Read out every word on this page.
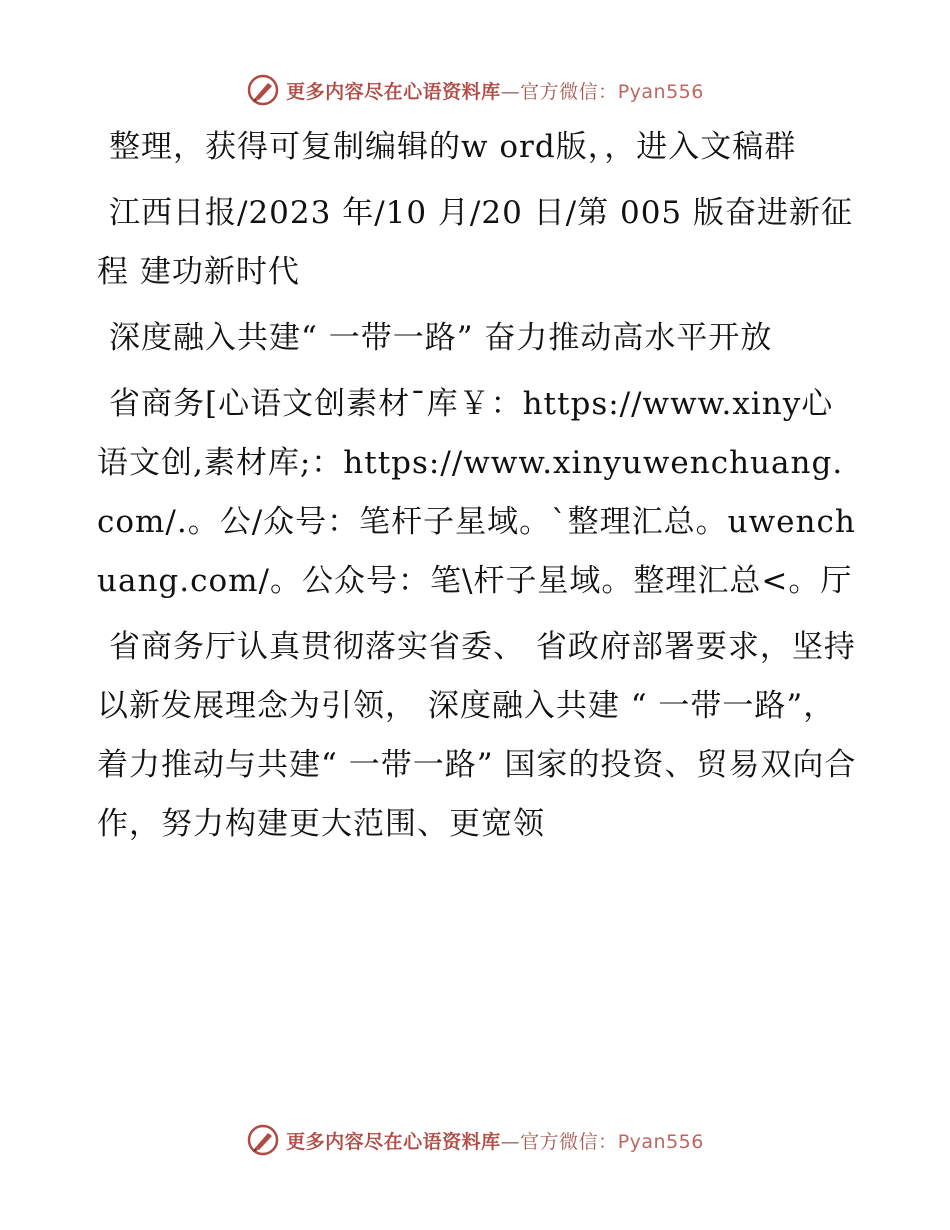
更多内容尽在心语资料库—官方微信：Pyan556

整理，获得可复制编辑的w ord版，，进入文稿群

江西日报/2023 年/10 月/20 日/第 005 版奋进新征程 建功新时代

深度融入共建“ 一带一路” 奋力推动高水平开放

省商务[心语文创素材¯库￥：https://www.xiny心语文创,素材库;：https://www.xinyuwenchuang.com/.。公/众号：笔杆子星域。`整理汇总。uwenchuang.com/。公众号：笔\杆子星域。整理汇总<。厅

省商务厅认真贯彻落实省委、 省政府部署要求，坚持以新发展理念为引领， 深度融入共建 “ 一带一路”，着力推动与共建“ 一带一路” 国家的投资、贸易双向合作，努力构建更大范围、更宽领

更多内容尽在心语资料库—官方微信：Pyan556
